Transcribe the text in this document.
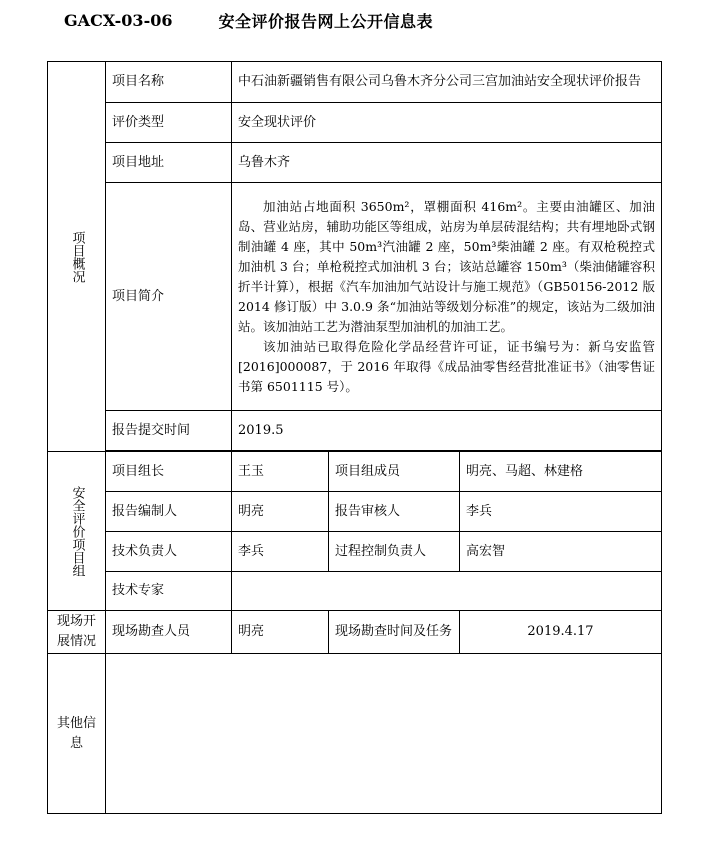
GACX-03-06	安全评价报告网上公开信息表
项目概况	项目名称	中石油新疆销售有限公司乌鲁木齐分公司三宫加油站安全现状评价报告		
	评价类型	安全现状评价		
	项目地址	乌鲁木齐		
	项目简介	加油站占地面积 3650m²，罩棚面积 416m²。主要由油罐区、加油岛、营业站房，辅助功能区等组成，站房为单层砖混结构；共有埋地卧式钢制油罐 4 座，其中 50m³汽油罐 2 座，50m³柴油罐 2 座。有双枪税控式加油机 3 台；单枪税控式加油机 3 台；该站总罐容 150m³（柴油储罐容积折半计算），根据《汽车加油加气站设计与施工规范》（GB50156-2012 版 2014 修订版）中 3.0.9 条“加油站等级划分标准”的规定，该站为二级加油站。该加油站工艺为潜油泵型加油机的加油工艺。

该加油站已取得危险化学品经营许可证，证书编号为：新乌安监管[2016]000087，于 2016 年取得《成品油零售经营批准证书》（油零售证书第 6501115 号）。		

	报告提交时间	2019.5		

安全评价项目组	项目组长	王玉	项目组成员	明亮、马超、林建格
	报告编制人	明亮	报告审核人	李兵
	技术负责人	李兵	过程控制负责人	高宏智
	技术专家			
现场开展情况	现场勘查人员	明亮	现场勘查时间及任务	2019.4.17
其他信息				
